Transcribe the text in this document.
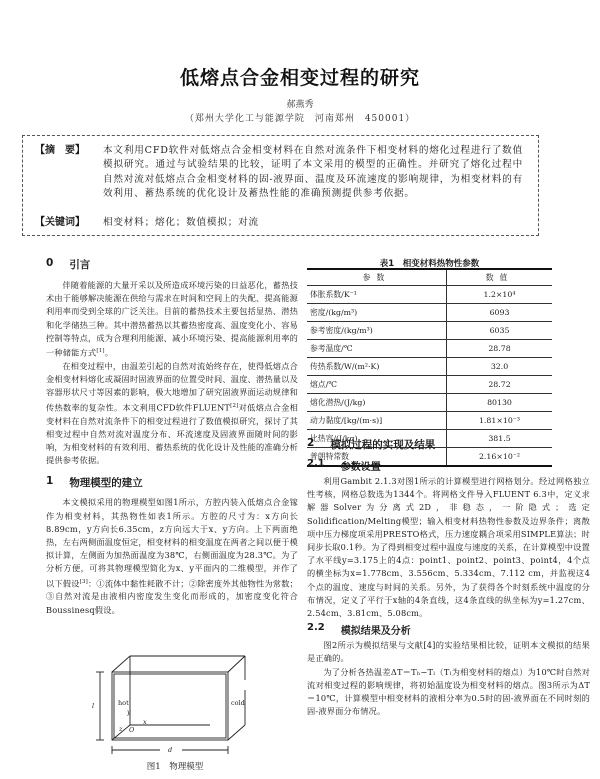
低熔点合金相变过程的研究
郝燕秀
（郑州大学化工与能源学院　河南郑州　450001）
【摘　要】 本文利用CFD软件对低熔点合金相变材料在自然对流条件下相变材料的熔化过程进行了数值模拟研究。通过与试验结果的比较，证明了本文采用的模型的正确性。并研究了熔化过程中自然对流对低熔点合金相变材料的固-液界面、温度及环流速度的影响规律，为相变材料的有效利用、蓄热系统的优化设计及蓄热性能的准确预测提供参考依据。
【关键词】 相变材料；熔化；数值模拟；对流
0 引言

伴随着能源的大量开采以及所造成环境污染的日益恶化，蓄热技术由于能够解决能源在供给与需求在时间和空间上的失配、提高能源利用率而受到全球的广泛关注。目前的蓄热技术主要包括显热、潜热和化学储热三种。其中潜热蓄热以其蓄热密度高、温度变化小、容易控制等特点，成为合理利用能源、减小环境污染、提高能源利用率的一种储能方式[1]。

在相变过程中，由温差引起的自然对流始终存在，使得低熔点合金相变材料熔化或凝固时固液界面的位置受时间、温度、潜热量以及容器形状尺寸等因素的影响，极大地增加了研究固液界面运动规律和传热数率的复杂性。本文利用CFD软件FLUENT[2]对低熔点合金相变材料在自然对流条件下的相变过程进行了数值模拟研究，探讨了其相变过程中自然对流对温度分布、环流速度及固液界面随时间的影响，为相变材料的有效利用、蓄热系统的优化设计及性能的准确分析提供参考依据。

1 物理模型的建立

本文模拟采用的物理模型如图1所示，方腔内装入低熔点合金镓作为相变材料，其热物性如表1所示。方腔的尺寸为：x方向长8.89cm，y方向长6.35cm，z方向远大于x、y方向。上下两面绝热，左右两侧面温度恒定，相变材料的相变温度在两者之间以便于模拟计算，左侧面为加热面温度为38℃，右侧面温度为28.3℃。为了分析方便，可将其物理模型简化为x、y平面内的二维模型，并作了以下假设[3]：①流体中黏性耗散不计；②除密度外其他物性为常数；③自然对流是由液相内密度发生变化而形成的，加密度变化符合Boussinesq假设。

hot	cold
y
x
z O
l
d
图1　物理模型
表1　相变材料热物性参数
参数	数值
体胀系数/K⁻¹	1.2×10⁴
密度/(kg/m³)	6093
参考密度/(kg/m³)	6035
参考温度/℃	28.78
传热系数/W/(m²·K)	32.0
熔点/℃	28.72
熔化潜热/(J/kg)	80130
动力黏度/[kg/(m·s)]	1.81×10⁻³
比热容/(J/kg)	381.5
普朗特常数	2.16×10⁻²
2 模拟过程的实现及结果
2.1 参数设置

利用Gambit 2.1.3对图1所示的计算模型进行网格划分。经过网格独立性考核，网格总数选为1344个。将网格文件导入FLUENT 6.3中，定义求解器Solver为分离式2D，非稳态，一阶隐式；选定Solidification/Melting模型；输入相变材料热物性参数及边界条件；离散项中压力梯度项采用PRESTO格式，压力速度耦合项采用SIMPLE算法；时间步长取0.1秒。为了得到相变过程中温度与速度的关系，在计算模型中设置了水平线y=3.175上的4点：point1、point2、point3、point4，4个点的横坐标为x=1.778cm、3.556cm、5.334cm、7.112 cm，并监视这4个点的温度、速度与时间的关系。另外，为了获得各个时刻系统中温度的分布情况，定义了平行于x轴的4条直线，这4条直线的纵坐标为y=1.27cm、2.54cm、3.81cm、5.08cm。

2.2 模拟结果及分析

图2所示为模拟结果与文献[4]的实验结果相比较，证明本文模拟的结果是正确的。

为了分析各热温差ΔT＝Tₕ−Tₗ（Tₗ为相变材料的熔点）为10℃时自然对流对相变过程的影响规律，将初始温度设为相变材料的熔点。图3所示为ΔT＝10℃，计算模型中相变材料的液相分率为0.5时的固-液界面在不同时刻的固-液界面分布情况。
